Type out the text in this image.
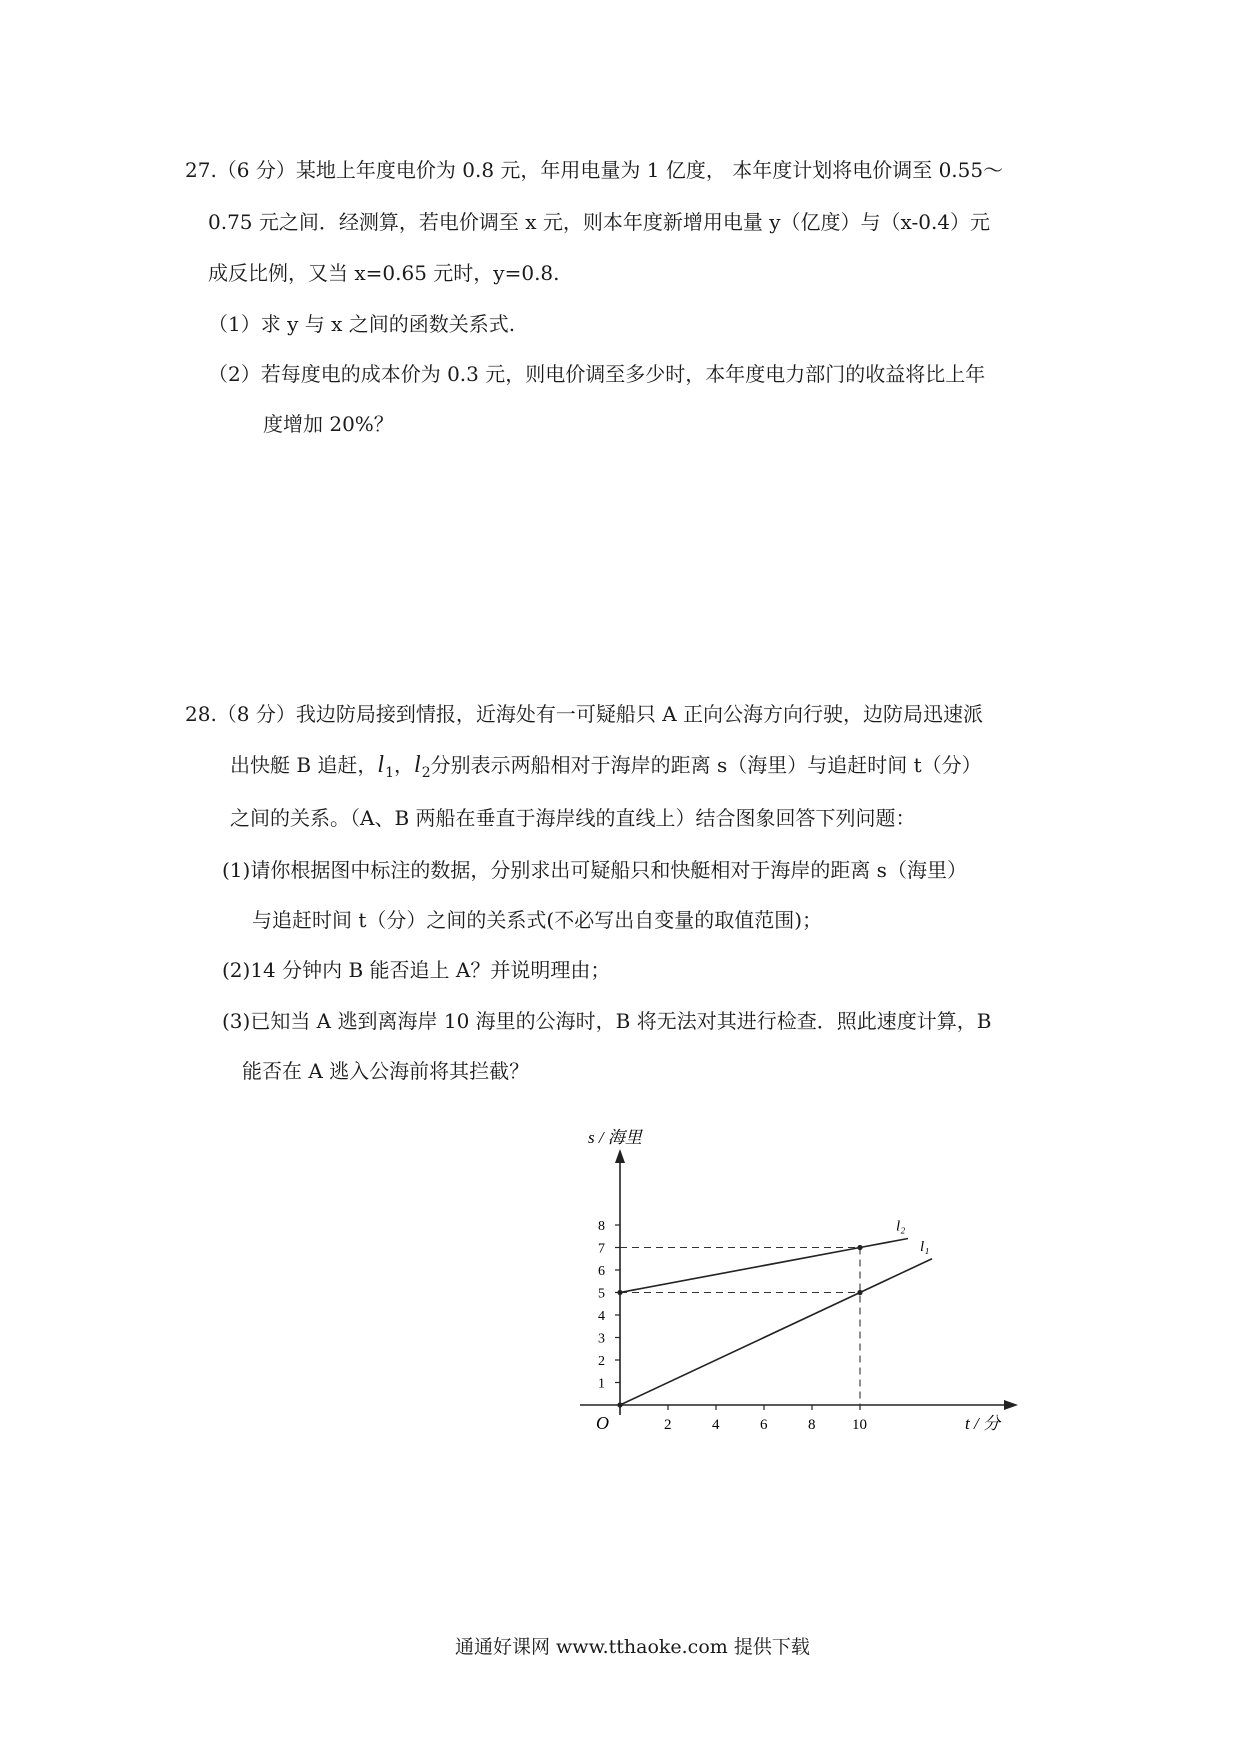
27.（6 分）某地上年度电价为 0.8 元，年用电量为 1 亿度， 本年度计划将电价调至 0.55～
0.75 元之间．经测算，若电价调至 x 元，则本年度新增用电量 y（亿度）与（x-0.4）元
成反比例，又当 x=0.65 元时，y=0.8.
（1）求 y 与 x 之间的函数关系式.
（2）若每度电的成本价为 0.3 元，则电价调至多少时，本年度电力部门的收益将比上年
度增加 20%？
28.（8 分）我边防局接到情报，近海处有一可疑船只 A 正向公海方向行驶，边防局迅速派
出快艇 B 追赶，$l_1$，$l_2$分别表示两船相对于海岸的距离 s（海里）与追赶时间 t（分）
之间的关系。（A、B 两船在垂直于海岸线的直线上）结合图象回答下列问题：
(1)请你根据图中标注的数据，分别求出可疑船只和快艇相对于海岸的距离 s（海里）
与追赶时间 t（分）之间的关系式(不必写出自变量的取值范围)；
(2)14 分钟内 B 能否追上 A？并说明理由；
(3)已知当 A 逃到离海岸 10 海里的公海时，B 将无法对其进行检查．照此速度计算，B
能否在 A 逃入公海前将其拦截？
s / 海里
t / 分
O
1
2
3
4
5
6
7
8
2	4	6	8 10
l₂
l₁
通通好课网 www.tthaoke.com 提供下载
